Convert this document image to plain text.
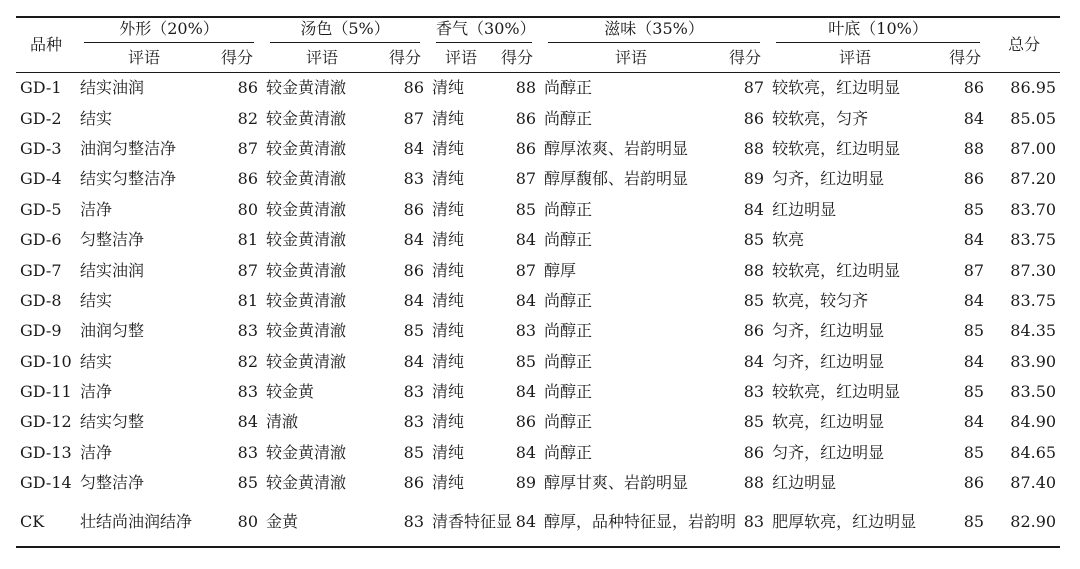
品种	外形（20%）		汤色（5%）		香气（30%）		滋味（35%）		叶底（10%）		总分
	评语	得分	评语	得分	评语	得分	评语	得分	评语	得分	
GD-1	结实油润	86	较金黄清澈	86	清纯	88	尚醇正	87	较软亮，红边明显	86	86.95
GD-2	结实	82	较金黄清澈	87	清纯	86	尚醇正	86	较软亮，匀齐	84	85.05
GD-3	油润匀整洁净	87	较金黄清澈	84	清纯	86	醇厚浓爽、岩韵明显	88	较软亮，红边明显	88	87.00
GD-4	结实匀整洁净	86	较金黄清澈	83	清纯	87	醇厚馥郁、岩韵明显	89	匀齐，红边明显	86	87.20
GD-5	洁净	80	较金黄清澈	86	清纯	85	尚醇正	84	红边明显	85	83.70
GD-6	匀整洁净	81	较金黄清澈	84	清纯	84	尚醇正	85	软亮	84	83.75
GD-7	结实油润	87	较金黄清澈	86	清纯	87	醇厚	88	较软亮，红边明显	87	87.30
GD-8	结实	81	较金黄清澈	84	清纯	84	尚醇正	85	软亮，较匀齐	84	83.75
GD-9	油润匀整	83	较金黄清澈	85	清纯	83	尚醇正	86	匀齐，红边明显	85	84.35
GD-10	结实	82	较金黄清澈	84	清纯	85	尚醇正	84	匀齐，红边明显	84	83.90
GD-11	洁净	83	较金黄	83	清纯	84	尚醇正	83	较软亮，红边明显	85	83.50
GD-12	结实匀整	84	清澈	83	清纯	86	尚醇正	85	软亮，红边明显	84	84.90
GD-13	洁净	83	较金黄清澈	85	清纯	84	尚醇正	86	匀齐，红边明显	85	84.65
GD-14	匀整洁净	85	较金黄清澈	86	清纯	89	醇厚甘爽、岩韵明显	88	红边明显	86	87.40
CK	壮结尚油润结净	80	金黄	83	清香特征显	84	醇厚，品种特征显，岩韵明	83	肥厚软亮，红边明显	85	82.90
